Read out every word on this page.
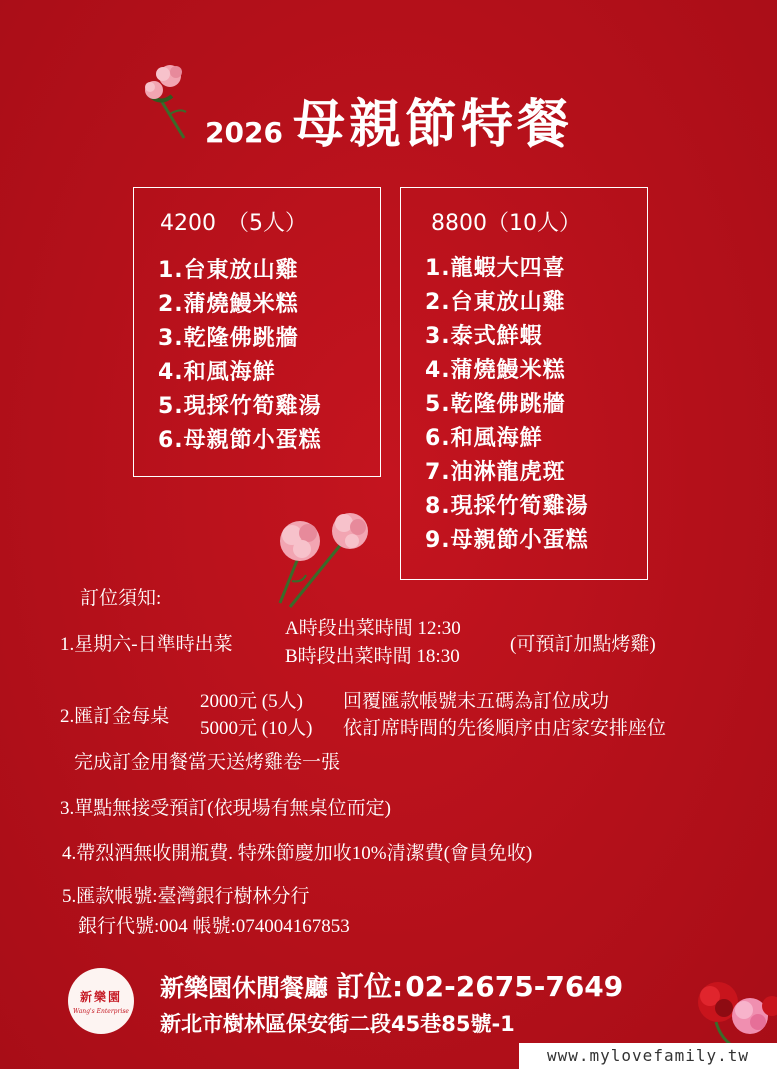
2026 母親節特餐
4200　（5人）
1.台東放山雞
2.蒲燒鰻米糕
3.乾隆佛跳牆
4.和風海鮮
5.現採竹筍雞湯
6.母親節小蛋糕
8800（10人）
1.龍蝦大四喜
2.台東放山雞
3.泰式鮮蝦
4.蒲燒鰻米糕
5.乾隆佛跳牆
6.和風海鮮
7.油淋龍虎斑
8.現採竹筍雞湯
9.母親節小蛋糕
訂位須知:
1.星期六-日準時出菜
A時段出菜時間 12:30
B時段出菜時間 18:30
(可預訂加點烤雞)
2.匯訂金每桌
2000元 (5人) 回覆匯款帳號末五碼為訂位成功
5000元 (10人) 依訂席時間的先後順序由店家安排座位
完成訂金用餐當天送烤雞卷一張
3.單點無接受預訂(依現場有無桌位而定)
4.帶烈酒無收開瓶費. 特殊節慶加收10%清潔費(會員免收)
5.匯款帳號:臺灣銀行樹林分行
銀行代號:004 帳號:074004167853
新樂園
Wang's Enterprise
新樂園休閒餐廳 訂位: 02-2675-7649
新北市樹林區保安街二段45巷85號-1
www.mylovefamily.tw
